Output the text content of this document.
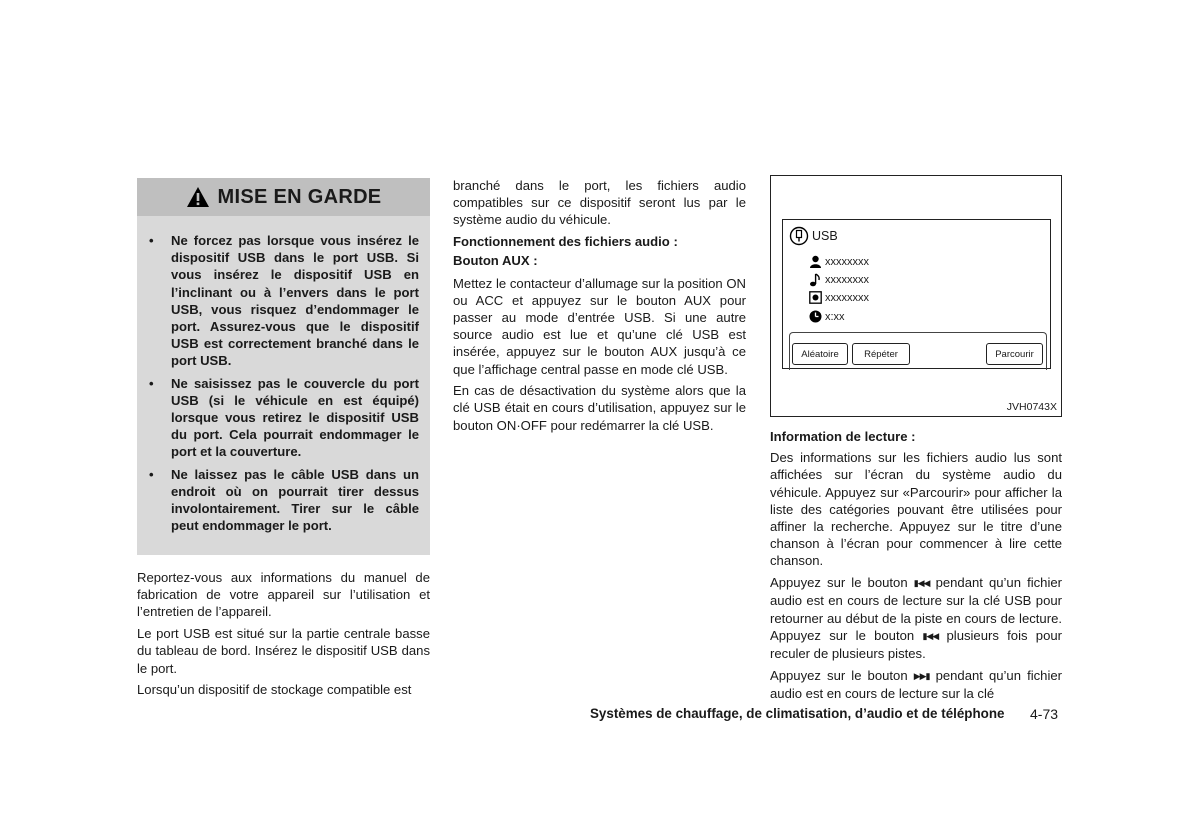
MISE EN GARDE
• Ne forcez pas lorsque vous insérez le dispositif USB dans le port USB. Si vous insérez le dispositif USB en l’inclinant ou à l’envers dans le port USB, vous risquez d’endommager le port. Assurez-vous que le dispositif USB est correctement branché dans le port USB.
• Ne saisissez pas le couvercle du port USB (si le véhicule en est équipé) lorsque vous retirez le dispositif USB du port. Cela pourrait endommager le port et la couverture.
• Ne laissez pas le câble USB dans un endroit où on pourrait tirer dessus involontairement. Tirer sur le câble peut endommager le port.

Reportez-vous aux informations du manuel de fabrication de votre appareil sur l’utilisation et l’entretien de l’appareil.

Le port USB est situé sur la partie centrale basse du tableau de bord. Insérez le dispositif USB dans le port.

Lorsqu’un dispositif de stockage compatible est

branché dans le port, les fichiers audio compatibles sur ce dispositif seront lus par le système audio du véhicule.

Fonctionnement des fichiers audio :

Bouton AUX :

Mettez le contacteur d’allumage sur la position ON ou ACC et appuyez sur le bouton AUX pour passer au mode d’entrée USB. Si une autre source audio est lue et qu’une clé USB est insérée, appuyez sur le bouton AUX jusqu’à ce que l’affichage central passe en mode clé USB.

En cas de désactivation du système alors que la clé USB était en cours d’utilisation, appuyez sur le bouton ON·OFF pour redémarrer la clé USB.

USB
xxxxxxxx
xxxxxxxx
xxxxxxxx
x:xx
Aléatoire	Répéter	Parcourir
JVH0743X

Information de lecture :

Des informations sur les fichiers audio lus sont affichées sur l’écran du système audio du véhicule. Appuyez sur «Parcourir» pour afficher la liste des catégories pouvant être utilisées pour affiner la recherche. Appuyez sur le titre d’une chanson à l’écran pour commencer à lire cette chanson.

Appuyez sur le bouton ▮◀◀ pendant qu’un fichier audio est en cours de lecture sur la clé USB pour retourner au début de la piste en cours de lecture. Appuyez sur le bouton ▮◀◀ plusieurs fois pour reculer de plusieurs pistes.

Appuyez sur le bouton ▶▶▮ pendant qu’un fichier audio est en cours de lecture sur la clé

Systèmes de chauffage, de climatisation, d’audio et de téléphone 4-73
